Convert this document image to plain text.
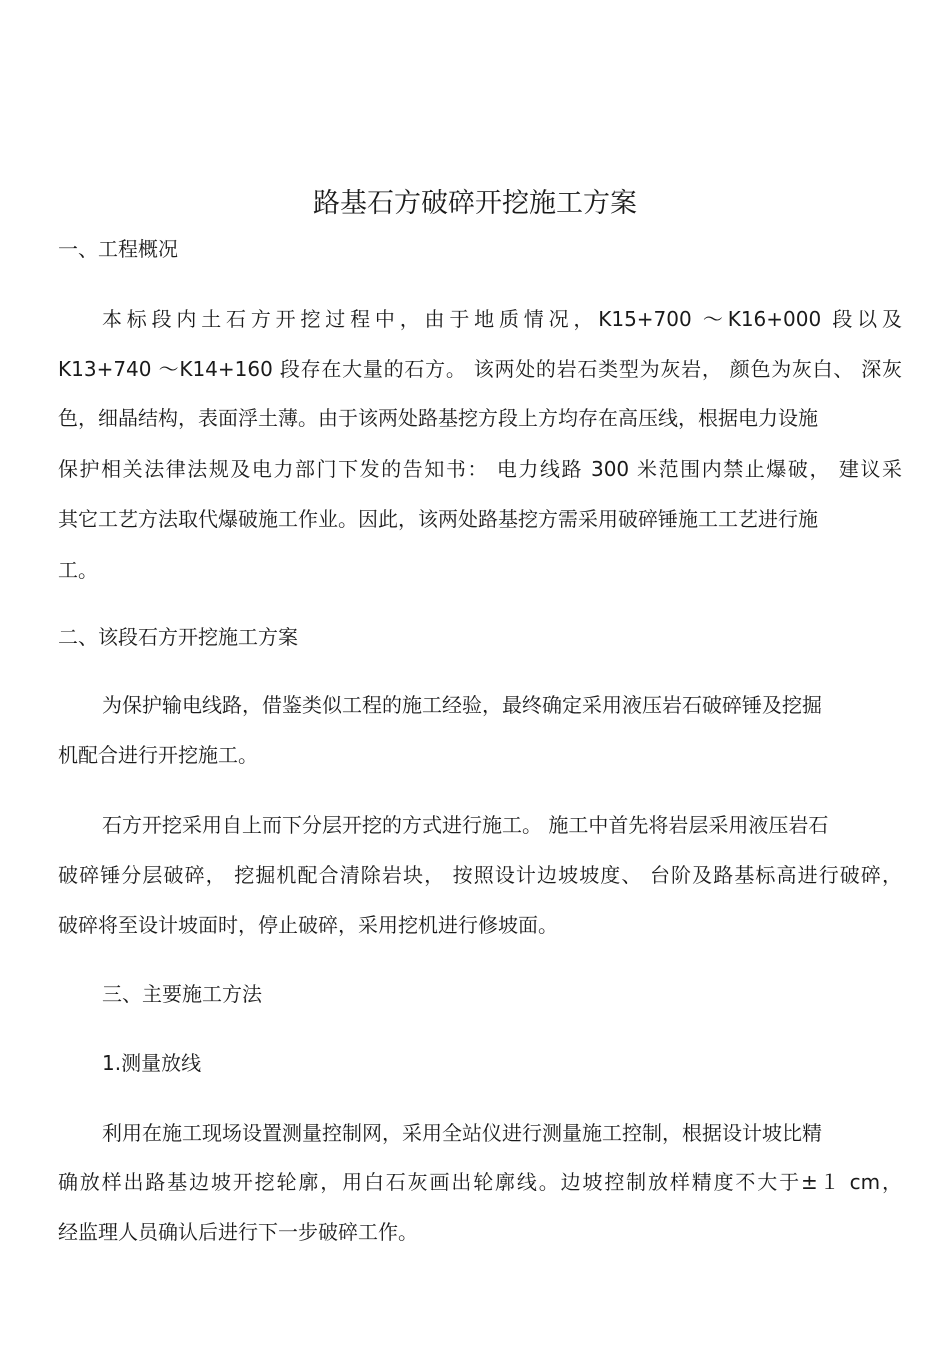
路基石方破碎开挖施工方案
一、工程概况
本标段内土石方开挖过程中，由于地质情况，K15+700 ～K16+000 段以及
K13+740 ～K14+160 段存在大量的石方。 该两处的岩石类型为灰岩， 颜色为灰白、 深灰
色，细晶结构，表面浮土薄。由于该两处路基挖方段上方均存在高压线，根据电力设施
保护相关法律法规及电力部门下发的告知书： 电力线路 300 米范围内禁止爆破， 建议采
其它工艺方法取代爆破施工作业。因此，该两处路基挖方需采用破碎锤施工工艺进行施
工。
二、该段石方开挖施工方案
为保护输电线路，借鉴类似工程的施工经验，最终确定采用液压岩石破碎锤及挖掘
机配合进行开挖施工。
石方开挖采用自上而下分层开挖的方式进行施工。 施工中首先将岩层采用液压岩石
破碎锤分层破碎， 挖掘机配合清除岩块， 按照设计边坡坡度、 台阶及路基标高进行破碎，
破碎将至设计坡面时，停止破碎，采用挖机进行修坡面。
三、主要施工方法
1.测量放线
利用在施工现场设置测量控制网，采用全站仪进行测量施工控制，根据设计坡比精
确放样出路基边坡开挖轮廓，用白石灰画出轮廓线。边坡控制放样精度不大于±１ cm，
经监理人员确认后进行下一步破碎工作。
